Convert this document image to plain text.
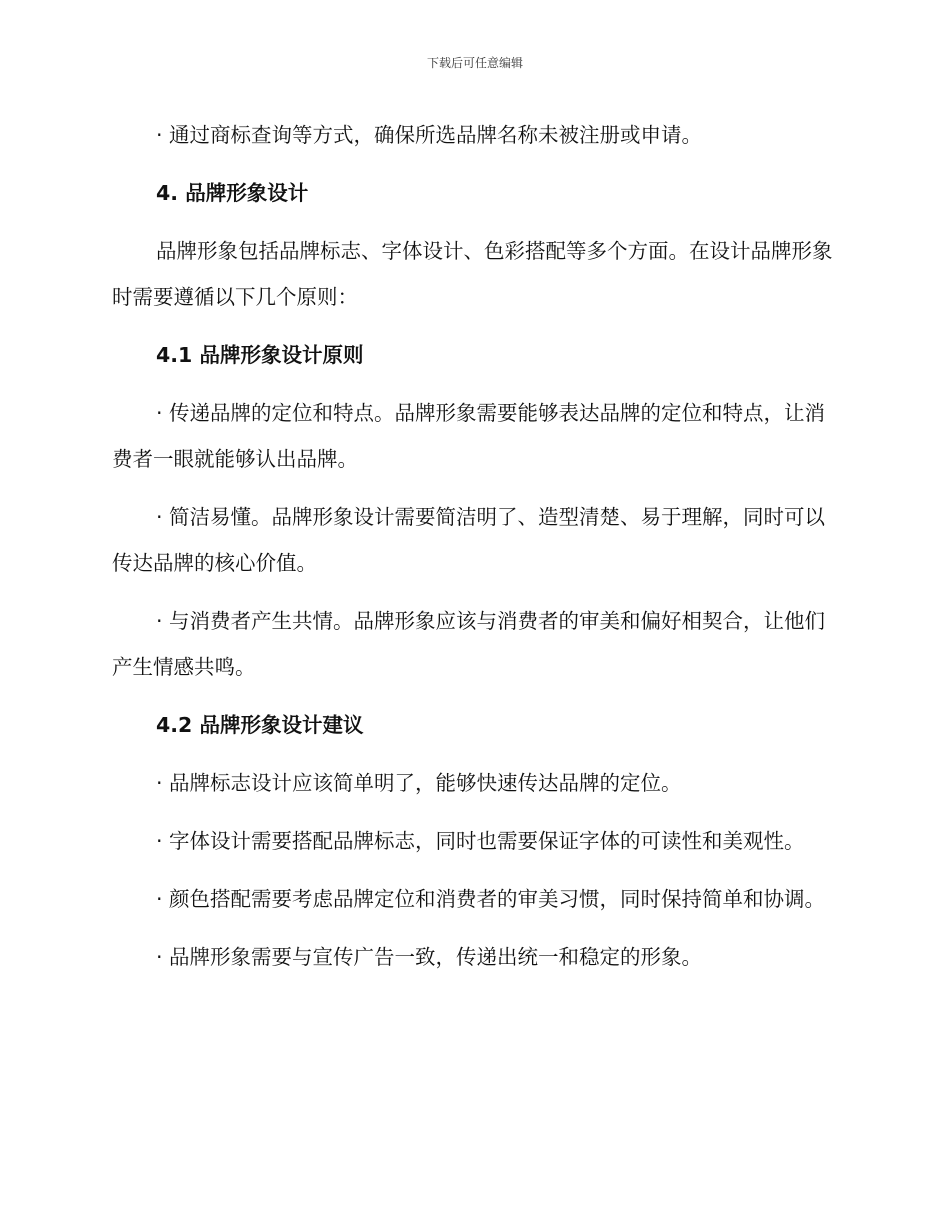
下载后可任意编辑

· 通过商标查询等方式，确保所选品牌名称未被注册或申请。

4. 品牌形象设计

品牌形象包括品牌标志、字体设计、色彩搭配等多个方面。在设计品牌形象时需要遵循以下几个原则：

4.1 品牌形象设计原则

· 传递品牌的定位和特点。品牌形象需要能够表达品牌的定位和特点，让消费者一眼就能够认出品牌。

· 简洁易懂。品牌形象设计需要简洁明了、造型清楚、易于理解，同时可以传达品牌的核心价值。

· 与消费者产生共情。品牌形象应该与消费者的审美和偏好相契合，让他们产生情感共鸣。

4.2 品牌形象设计建议

· 品牌标志设计应该简单明了，能够快速传达品牌的定位。

· 字体设计需要搭配品牌标志，同时也需要保证字体的可读性和美观性。

· 颜色搭配需要考虑品牌定位和消费者的审美习惯，同时保持简单和协调。

· 品牌形象需要与宣传广告一致，传递出统一和稳定的形象。
